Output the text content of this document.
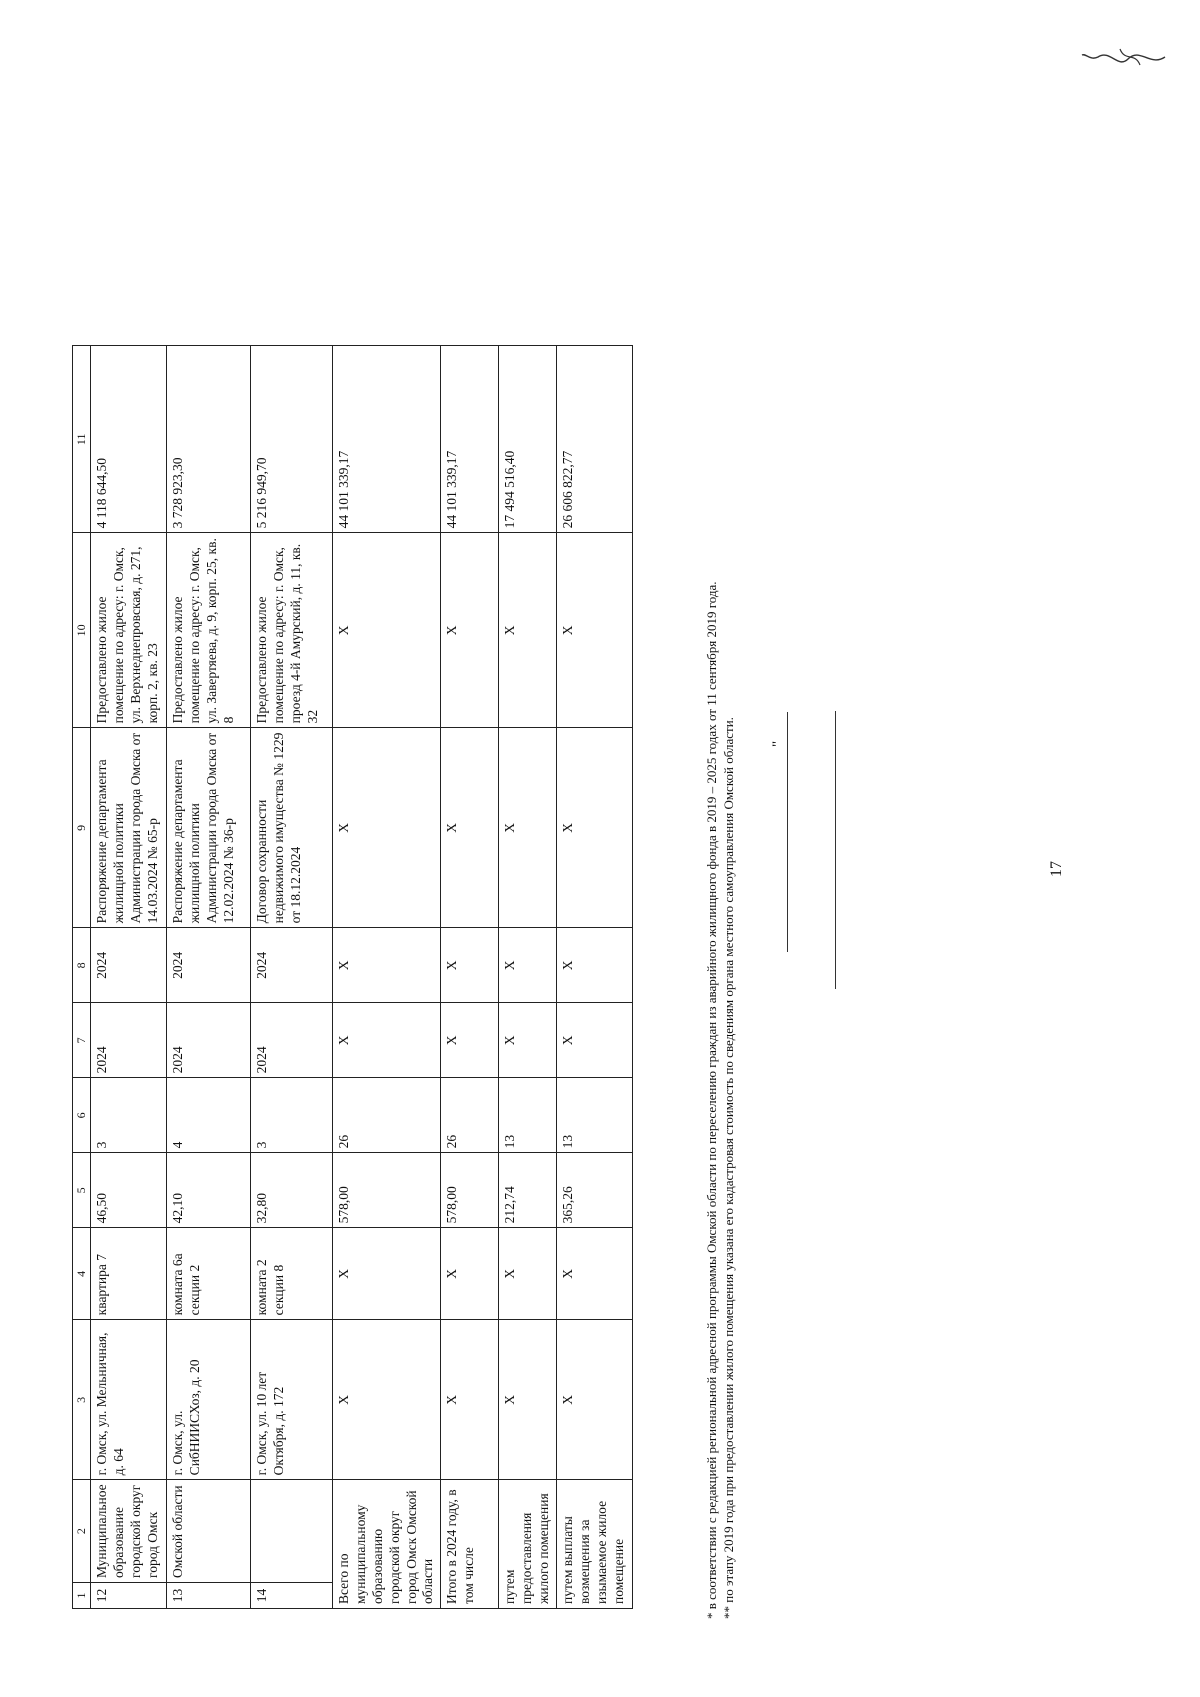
17
1	2	3	4	5	6	7	8	9	10	11
12	Муниципальное образование городской округ город Омск	г. Омск, ул. Мельничная, д. 64	квартира 7	46,50	3	2024	2024	Распоряжение департамента жилищной политики Администрации города Омска от 14.03.2024 № 65-р	Предоставлено жилое помещение по адресу: г. Омск, ул. Верхнеднепровская, д. 271, корп. 2, кв. 23	4 118 644,50
13	Омской области	г. Омск, ул. СибНИИСХоз, д. 20	комната 6а секции 2	42,10	4	2024	2024	Распоряжение департамента жилищной политики Администрации города Омска от 12.02.2024 № 36-р	Предоставлено жилое помещение по адресу: г. Омск, ул. Завертяева, д. 9, корп. 25, кв. 8	3 728 923,30
14		г. Омск, ул. 10 лет Октября, д. 172	комната 2 секции 8	32,80	3	2024	2024	Договор сохранности недвижимого имущества № 1229 от 18.12.2024	Предоставлено жилое помещение по адресу: г. Омск, проезд 4-й Амурский, д. 11, кв. 32	5 216 949,70
Всего по муниципальному образованию городской округ город Омск Омской области		Х	Х	578,00	26	Х	Х	Х	Х	44 101 339,17
Итого в 2024 году, в том числе		Х	Х	578,00	26	Х	Х	Х	Х	44 101 339,17
путем предоставления жилого помещения		Х	Х	212,74	13	Х	Х	Х	Х	17 494 516,40
путем выплаты возмещения за изымаемое жилое помещение		Х	Х	365,26	13	Х	Х	Х	Х	26 606 822,77
* в соответствии с редакцией региональной адресной программы Омской области по переселению граждан из аварийного жилищного фонда в 2019 – 2025 годах от 11 сентября 2019 года. ** по этапу 2019 года при предоставлении жилого помещения указана его кадастровая стоимость по сведениям органа местного самоуправления Омской области. "
